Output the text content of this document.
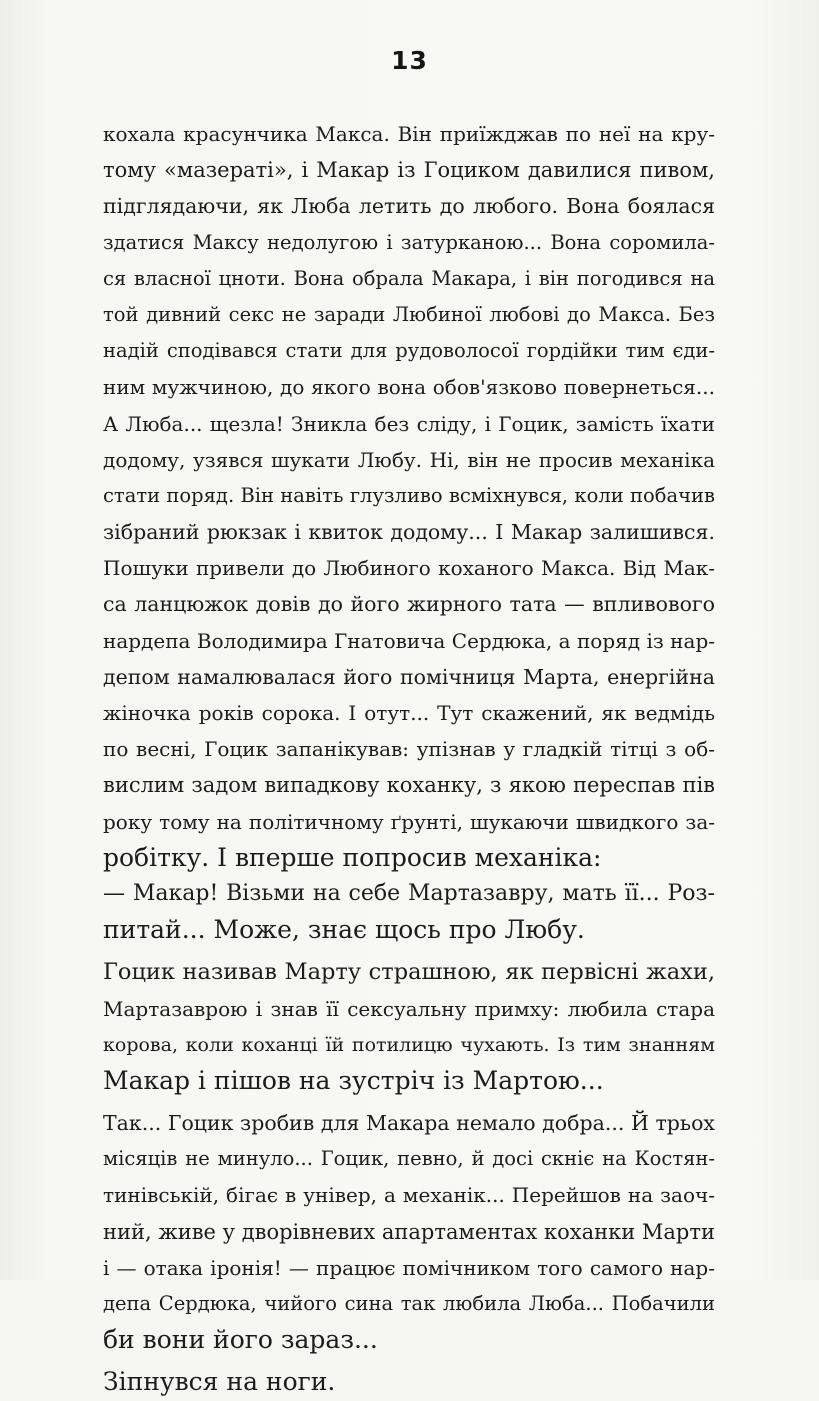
13
кохала красунчика Макса. Він приїжджав по неї на кру-
тому «мазераті», і Макар із Гоциком давилися пивом,
підглядаючи, як Люба летить до любого. Вона боялася
здатися Максу недолугою і затурканою... Вона соромила-
ся власної цноти. Вона обрала Макара, і він погодився на
той дивний секс не заради Любиної любові до Макса. Без
надій сподівався стати для рудоволосої гордійки тим єди-
ним мужчиною, до якого вона обов'язково повернеться...
А Люба... щезла! Зникла без сліду, і Гоцик, замість їхати
додому, узявся шукати Любу. Ні, він не просив механіка
стати поряд. Він навіть глузливо всміхнувся, коли побачив
зібраний рюкзак і квиток додому... І Макар залишився.
Пошуки привели до Любиного коханого Макса. Від Мак-
са ланцюжок довів до його жирного тата — впливового
нардепа Володимира Гнатовича Сердюка, а поряд із нар-
депом намалювалася його помічниця Марта, енергійна
жіночка років сорока. І отут... Тут скажений, як ведмідь
по весні, Гоцик запанікував: упізнав у гладкій тітці з об-
вислим задом випадкову коханку, з якою переспав пів
року тому на політичному ґрунті, шукаючи швидкого за-
робітку. І вперше попросив механіка:
— Макар! Візьми на себе Мартазавру, мать її... Роз-
питай... Може, знає щось про Любу.
Гоцик називав Марту страшною, як первісні жахи,
Мартазаврою і знав її сексуальну примху: любила стара
корова, коли коханці їй потилицю чухають. Із тим знанням
Макар і пішов на зустріч із Мартою...
Так... Гоцик зробив для Макара немало добра... Й трьох
місяців не минуло... Гоцик, певно, й досі скніє на Костян-
тинівській, бігає в універ, а механік... Перейшов на заоч-
ний, живе у дворівневих апартаментах коханки Марти
і — отака іронія! — працює помічником того самого нар-
депа Сердюка, чийого сина так любила Люба... Побачили
би вони його зараз...
Зіпнувся на ноги.
